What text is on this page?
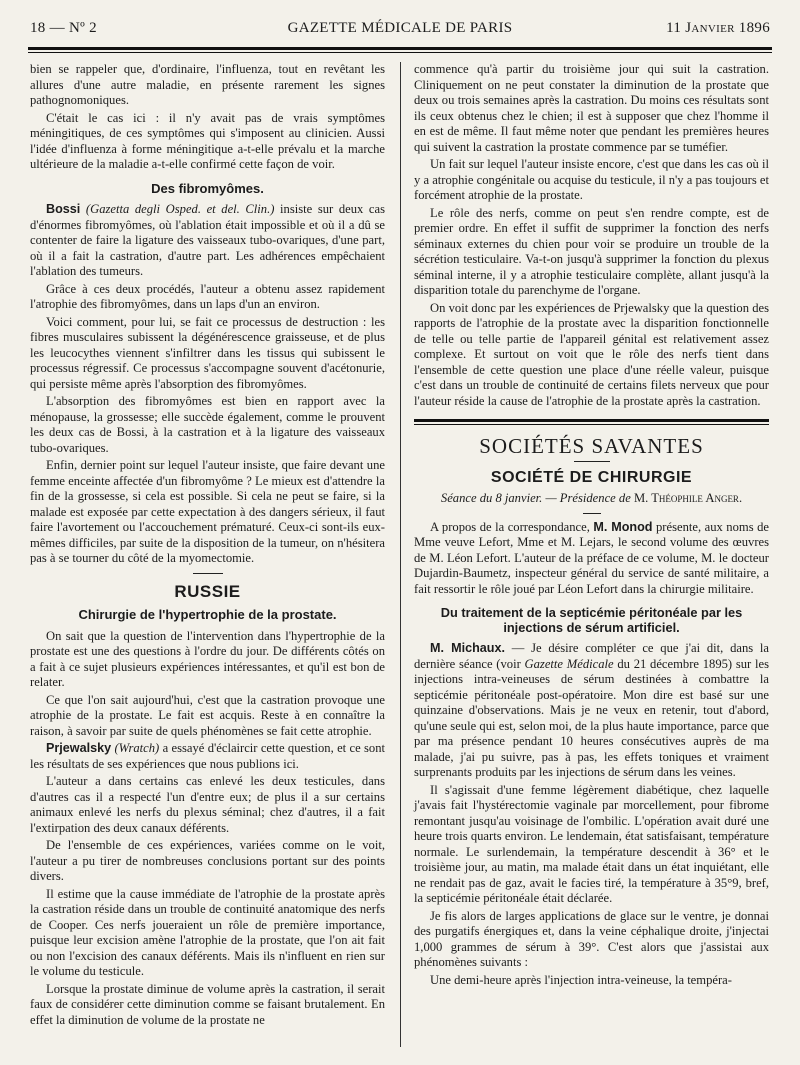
18 — Nº 2	GAZETTE MÉDICALE DE PARIS	11 Janvier 1896

bien se rappeler que, d'ordinaire, l'influenza, tout en revêtant les allures d'une autre maladie, en présente rarement les signes pathognomoniques.

C'était le cas ici : il n'y avait pas de vrais symptômes méningitiques, de ces symptômes qui s'imposent au clinicien. Aussi l'idée d'influenza à forme méningitique a-t-elle prévalu et la marche ultérieure de la maladie a-t-elle confirmé cette façon de voir.

Des fibromyômes.

Bossi (Gazetta degli Osped. et del. Clin.) insiste sur deux cas d'énormes fibromyômes, où l'ablation était impossible et où il a dû se contenter de faire la ligature des vaisseaux tubo-ovariques, d'une part, où il a fait la castration, d'autre part. Les adhérences empêchaient l'ablation des tumeurs.

Grâce à ces deux procédés, l'auteur a obtenu assez rapidement l'atrophie des fibromyômes, dans un laps d'un an environ.

Voici comment, pour lui, se fait ce processus de destruction : les fibres musculaires subissent la dégénérescence graisseuse, et de plus les leucocythes viennent s'infiltrer dans les tissus qui subissent le processus régressif. Ce processus s'accompagne souvent d'acétonurie, qui persiste même après l'absorption des fibromyômes.

L'absorption des fibromyômes est bien en rapport avec la ménopause, la grossesse; elle succède également, comme le prouvent les deux cas de Bossi, à la castration et à la ligature des vaisseaux tubo-ovariques.

Enfin, dernier point sur lequel l'auteur insiste, que faire devant une femme enceinte affectée d'un fibromyôme ? Le mieux est d'attendre la fin de la grossesse, si cela est possible. Si cela ne peut se faire, si la malade est exposée par cette expectation à des dangers sérieux, il faut faire l'avortement ou l'accouchement prématuré. Ceux-ci sont-ils eux-mêmes difficiles, par suite de la disposition de la tumeur, on n'hésitera pas à se tourner du côté de la myomectomie.

RUSSIE
Chirurgie de l'hypertrophie de la prostate.

On sait que la question de l'intervention dans l'hypertrophie de la prostate est une des questions à l'ordre du jour. De différents côtés on a fait à ce sujet plusieurs expériences intéressantes, et qu'il est bon de relater.

Ce que l'on sait aujourd'hui, c'est que la castration provoque une atrophie de la prostate. Le fait est acquis. Reste à en connaître la raison, à savoir par suite de quels phénomènes se fait cette atrophie.

Prjewalsky (Wratch) a essayé d'éclaircir cette question, et ce sont les résultats de ses expériences que nous publions ici.

L'auteur a dans certains cas enlevé les deux testicules, dans d'autres cas il a respecté l'un d'entre eux; de plus il a sur certains animaux enlevé les nerfs du plexus séminal; chez d'autres, il a fait l'extirpation des deux canaux déférents.

De l'ensemble de ces expériences, variées comme on le voit, l'auteur a pu tirer de nombreuses conclusions portant sur des points divers.

Il estime que la cause immédiate de l'atrophie de la prostate après la castration réside dans un trouble de continuité anatomique des nerfs de Cooper. Ces nerfs joueraient un rôle de première importance, puisque leur excision amène l'atrophie de la prostate, que l'on ait fait ou non l'excision des canaux déférents. Mais ils n'influent en rien sur le volume du testicule.

Lorsque la prostate diminue de volume après la castration, il serait faux de considérer cette diminution comme se faisant brutalement. En effet la diminution de volume de la prostate ne

commence qu'à partir du troisième jour qui suit la castration. Cliniquement on ne peut constater la diminution de la prostate que deux ou trois semaines après la castration. Du moins ces résultats sont ils ceux obtenus chez le chien; il est à supposer que chez l'homme il en est de même. Il faut même noter que pendant les premières heures qui suivent la castration la prostate commence par se tuméfier.

Un fait sur lequel l'auteur insiste encore, c'est que dans les cas où il y a atrophie congénitale ou acquise du testicule, il n'y a pas toujours et forcément atrophie de la prostate.

Le rôle des nerfs, comme on peut s'en rendre compte, est de premier ordre. En effet il suffit de supprimer la fonction des nerfs séminaux externes du chien pour voir se produire un trouble de la sécrétion testiculaire. Va-t-on jusqu'à supprimer la fonction du plexus séminal interne, il y a atrophie testiculaire complète, allant jusqu'à la disparition totale du parenchyme de l'organe.

On voit donc par les expériences de Prjewalsky que la question des rapports de l'atrophie de la prostate avec la disparition fonctionnelle de telle ou telle partie de l'appareil génital est relativement assez complexe. Et surtout on voit que le rôle des nerfs tient dans l'ensemble de cette question une place d'une réelle valeur, puisque c'est dans un trouble de continuité de certains filets nerveux que pour l'auteur réside la cause de l'atrophie de la prostate après la castration.

SOCIÉTÉS SAVANTES
SOCIÉTÉ DE CHIRURGIE
Séance du 8 janvier. — Présidence de M. Théophile Anger.

A propos de la correspondance, M. Monod présente, aux noms de Mme veuve Lefort, Mme et M. Lejars, le second volume des œuvres de M. Léon Lefort. L'auteur de la préface de ce volume, M. le docteur Dujardin-Baumetz, inspecteur général du service de santé militaire, a fait ressortir le rôle joué par Léon Lefort dans la chirurgie militaire.

Du traitement de la septicémie péritonéale par les injections de sérum artificiel.

M. Michaux. — Je désire compléter ce que j'ai dit, dans la dernière séance (voir Gazette Médicale du 21 décembre 1895) sur les injections intra-veineuses de sérum destinées à combattre la septicémie péritonéale post-opératoire. Mon dire est basé sur une quinzaine d'observations. Mais je ne veux en retenir, tout d'abord, qu'une seule qui est, selon moi, de la plus haute importance, parce que par ma présence pendant 10 heures consécutives auprès de ma malade, j'ai pu suivre, pas à pas, les effets toniques et vraiment surprenants produits par les injections de sérum dans les veines.

Il s'agissait d'une femme légèrement diabétique, chez laquelle j'avais fait l'hystérectomie vaginale par morcellement, pour fibrome remontant jusqu'au voisinage de l'ombilic. L'opération avait duré une heure trois quarts environ. Le lendemain, état satisfaisant, température normale. Le surlendemain, la température descendit à 36° et le troisième jour, au matin, ma malade était dans un état inquiétant, elle ne rendait pas de gaz, avait le facies tiré, la température à 35°9, bref, la septicémie péritonéale était déclarée.

Je fis alors de larges applications de glace sur le ventre, je donnai des purgatifs énergiques et, dans la veine céphalique droite, j'injectai 1,000 grammes de sérum à 39°. C'est alors que j'assistai aux phénomènes suivants :

Une demi-heure après l'injection intra-veineuse, la tempéra-
